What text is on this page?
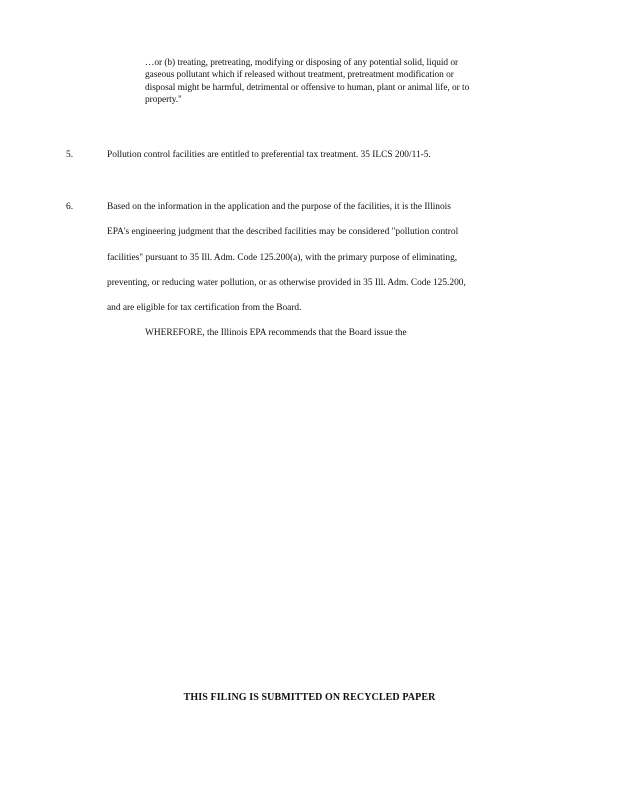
…or (b) treating, pretreating, modifying or disposing of any potential solid, liquid or
gaseous pollutant which if released without treatment, pretreatment modification or
disposal might be harmful, detrimental or offensive to human, plant or animal life, or to
property."
5.	Pollution control facilities are entitled to preferential tax treatment. 35 ILCS 200/11-5.
6.	Based on the information in the application and the purpose of the facilities, it is the Illinois
EPA's engineering judgment that the described facilities may be considered "pollution control
facilities" pursuant to 35 Ill. Adm. Code 125.200(a), with the primary purpose of eliminating,
preventing, or reducing water pollution, or as otherwise provided in 35 Ill. Adm. Code 125.200,
and are eligible for tax certification from the Board.
WHEREFORE, the Illinois EPA recommends that the Board issue the
THIS FILING IS SUBMITTED ON RECYCLED PAPER
